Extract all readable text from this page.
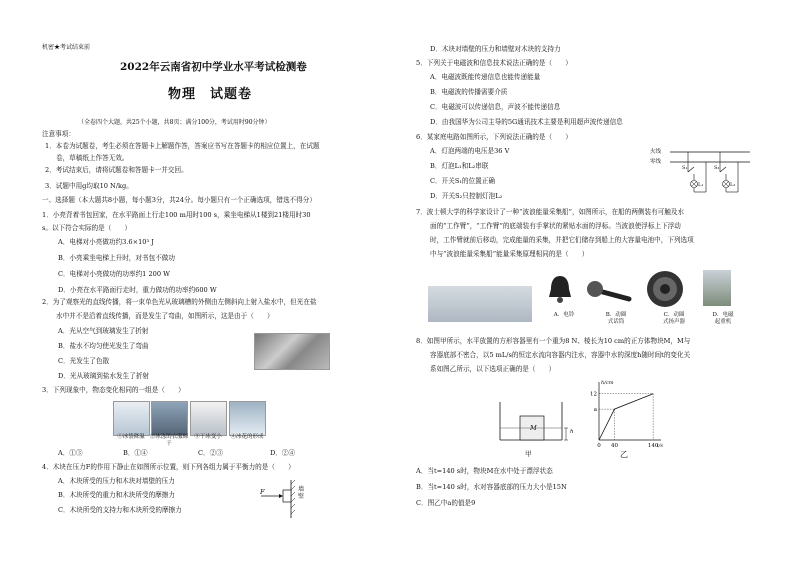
机密★考试结束前
2022年云南省初中学业水平考试检测卷
物理　试题卷
（全卷四个大题，共25个小题，共8页；满分100分，考试用时90分钟）
注意事项：
1．本卷为试题卷，考生必须在答题卡上解题作答，答案应书写在答题卡的相应位置上，在试题
卷，草稿纸上作答无效。
2．考试结束后，请将试题卷和答题卡一并交回。
3．试题中用g均取10 N/kg。
一、选择题（本大题共8小题，每小题3分，共24分。每小题只有一个正确选项，错选不得分）
1．小亮背着书包回家，在水平路面上行走100 m用时100 s，乘坐电梯从1楼到21楼用时30
s。以下符合实际的是（　　）
A．电梯对小亮做功约3.6×10³ J
B．小亮乘坐电梯上升时，对书包不做功
C．电梯对小亮做功的功率约1 200 W
D．小亮在水平路面行走时，重力做功的功率约600 W
2．为了观察光的直线传播，将一束单色光从玻璃槽的外侧由左侧斜向上射入盐水中，但光在盐
水中并不是沿着直线传播，而是发生了弯曲，如图所示，这是由于（　　）
A．光从空气到玻璃发生了折射
B．盐水不均匀使光发生了弯曲
C．光发生了色散
D．光从玻璃到盐水发生了折射
3．下列现象中，物态变化相同的一组是（　　）
①冰袋降温 ②冰冻的衣服晾干
③干冰变小	④冰花的形成
A．①③	B．①④	C．②③	D．②④
4．木块在压力F的作用下静止在如图所示位置，则下列各组力属于平衡力的是（　　）
A．木块所受的压力和木块对墙壁的压力
B．木块所受的重力和木块所受的摩擦力
C．木块所受的支持力和木块所受的摩擦力
F	墙壁
D．木块对墙壁的压力和墙壁对木块的支持力
5．下列关于电磁波和信息技术说法正确的是（　　）
A．电磁波既能传递信息也能传递能量
B．电磁波的传播需要介质
C．电磁波可以传递信息，声波不能传递信息
D．由我国华为公司主导的5G通讯技术主要是利用超声波传递信息
6．某家庭电路如图所示，下列说法正确的是（　　）
A．灯泡两端的电压是36 V
B．灯泡L₁和L₂串联
C．开关S₁的位置正确
D．开关S₂只控制灯泡L₂
火线
零线
S₁	S₂
L₁	L₂
7．波士顿大学的科学家设计了一种“波浪能量采集船”，如图所示，在船的两侧装有可触及水
面的“工作臂”，“工作臂”的底端装有手掌状的紧贴水面的浮标。当波浪使浮标上下浮动
时，工作臂就前后移动，完成能量的采集，并把它们储存到船上的大容量电池中，下列选项
中与“波浪能量采集船”能量采集原理相同的是（　　）
A．电铃	B．动圈式话筒
C．动圈式扬声器
D．电磁起重机
8．如图甲所示，水平放置的方形容器里有一个重为8 N、棱长为10 cm的正方体物块M，M与
容器底部不密合，以5 mL/s的恒定水流向容器内注水，容器中水的深度h随时间t的变化关
系如图乙所示，以下选项正确的是（　　）
M	h
甲
0 40	140
12
a
t/s
h/cm
乙
A．当t=140 s时，物块M在水中处于漂浮状态
B．当t=140 s时，水对容器底部的压力大小是15N
C．图乙中a的值是9
